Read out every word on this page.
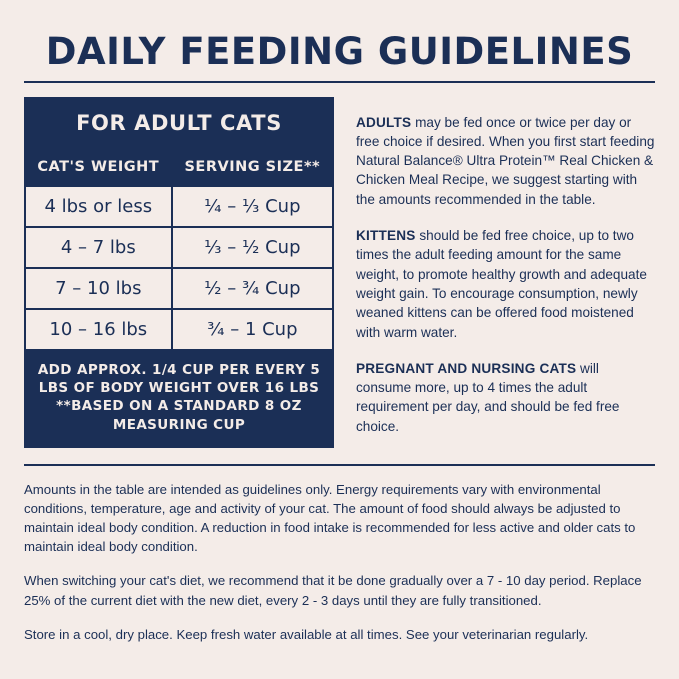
DAILY FEEDING GUIDELINES
FOR ADULT CATS	
CAT'S WEIGHT	SERVING SIZE**
4 lbs or less	¹⁄₄ – ¹⁄₃ Cup
4 – 7 lbs	¹⁄₃ – ¹⁄₂ Cup
7 – 10 lbs	¹⁄₂ – ³⁄₄ Cup
10 – 16 lbs	³⁄₄ – 1 Cup
ADD APPROX. 1/4 CUP PER EVERY 5 LBS OF BODY WEIGHT OVER 16 LBS **BASED ON A STANDARD 8 OZ MEASURING CUP	

ADULTS may be fed once or twice per day or free choice if desired. When you first start feeding Natural Balance® Ultra Protein™ Real Chicken & Chicken Meal Recipe, we suggest starting with the amounts recommended in the table.

KITTENS should be fed free choice, up to two times the adult feeding amount for the same weight, to promote healthy growth and adequate weight gain. To encourage consumption, newly weaned kittens can be offered food moistened with warm water.

PREGNANT AND NURSING CATS will consume more, up to 4 times the adult requirement per day, and should be fed free choice.

Amounts in the table are intended as guidelines only. Energy requirements vary with environmental conditions, temperature, age and activity of your cat. The amount of food should always be adjusted to maintain ideal body condition. A reduction in food intake is recommended for less active and older cats to maintain ideal body condition.

When switching your cat's diet, we recommend that it be done gradually over a 7 - 10 day period. Replace 25% of the current diet with the new diet, every 2 - 3 days until they are fully transitioned.

Store in a cool, dry place. Keep fresh water available at all times. See your veterinarian regularly.
